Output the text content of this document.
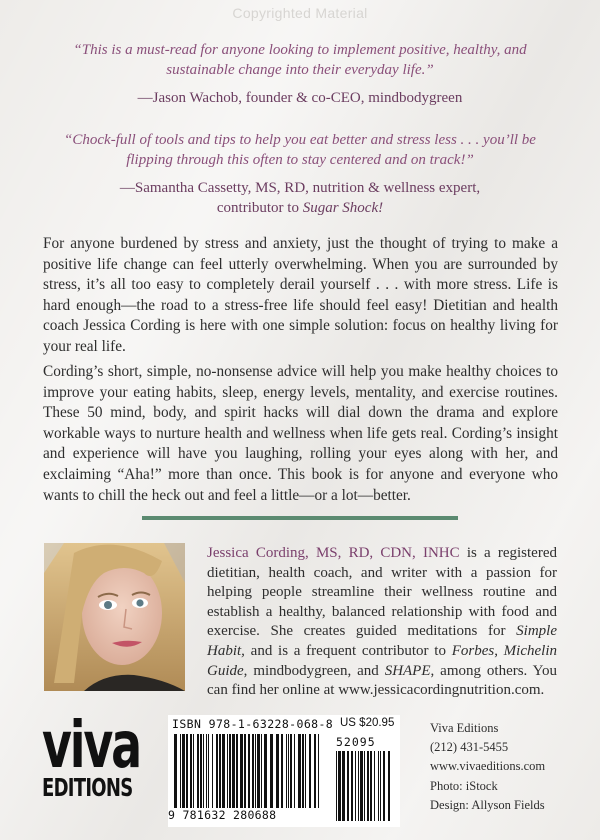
Copyrighted Material
“This is a must-read for anyone looking to implement positive, healthy, and
sustainable change into their everyday life.”
—Jason Wachob, founder & co-CEO, mindbodygreen
“Chock-full of tools and tips to help you eat better and stress less . . . you’ll be
flipping through this often to stay centered and on track!”
—Samantha Cassetty, MS, RD, nutrition & wellness expert,
contributor to Sugar Shock!

For anyone burdened by stress and anxiety, just the thought of trying to make a positive life change can feel utterly overwhelming. When you are surrounded by stress, it’s all too easy to completely derail yourself . . . with more stress. Life is hard enough—the road to a stress-free life should feel easy! Dietitian and health coach Jessica Cording is here with one simple solution: focus on healthy living for your real life.

Cording’s short, simple, no-nonsense advice will help you make healthy choices to improve your eating habits, sleep, energy levels, mentality, and exercise routines. These 50 mind, body, and spirit hacks will dial down the drama and explore workable ways to nurture health and wellness when life gets real. Cording’s insight and experience will have you laughing, rolling your eyes along with her, and exclaiming “Aha!” more than once. This book is for anyone and everyone who wants to chill the heck out and feel a little—or a lot—better.

Jessica Cording, MS, RD, CDN, INHC is a registered dietitian, health coach, and writer with a passion for helping people streamline their wellness routine and establish a healthy, balanced relationship with food and exercise. She creates guided meditations for Simple Habit, and is a frequent contributor to Forbes, Michelin Guide, mindbodygreen, and SHAPE, among others. You can find her online at www.jessicacordingnutrition.com.

viva
EDITIONS
ISBN 978-1-63228-068-8 US $20.95
9 781632 280688
52095
Viva Editions
(212) 431-5455
www.vivaeditions.com
Photo: iStock
Design: Allyson Fields
